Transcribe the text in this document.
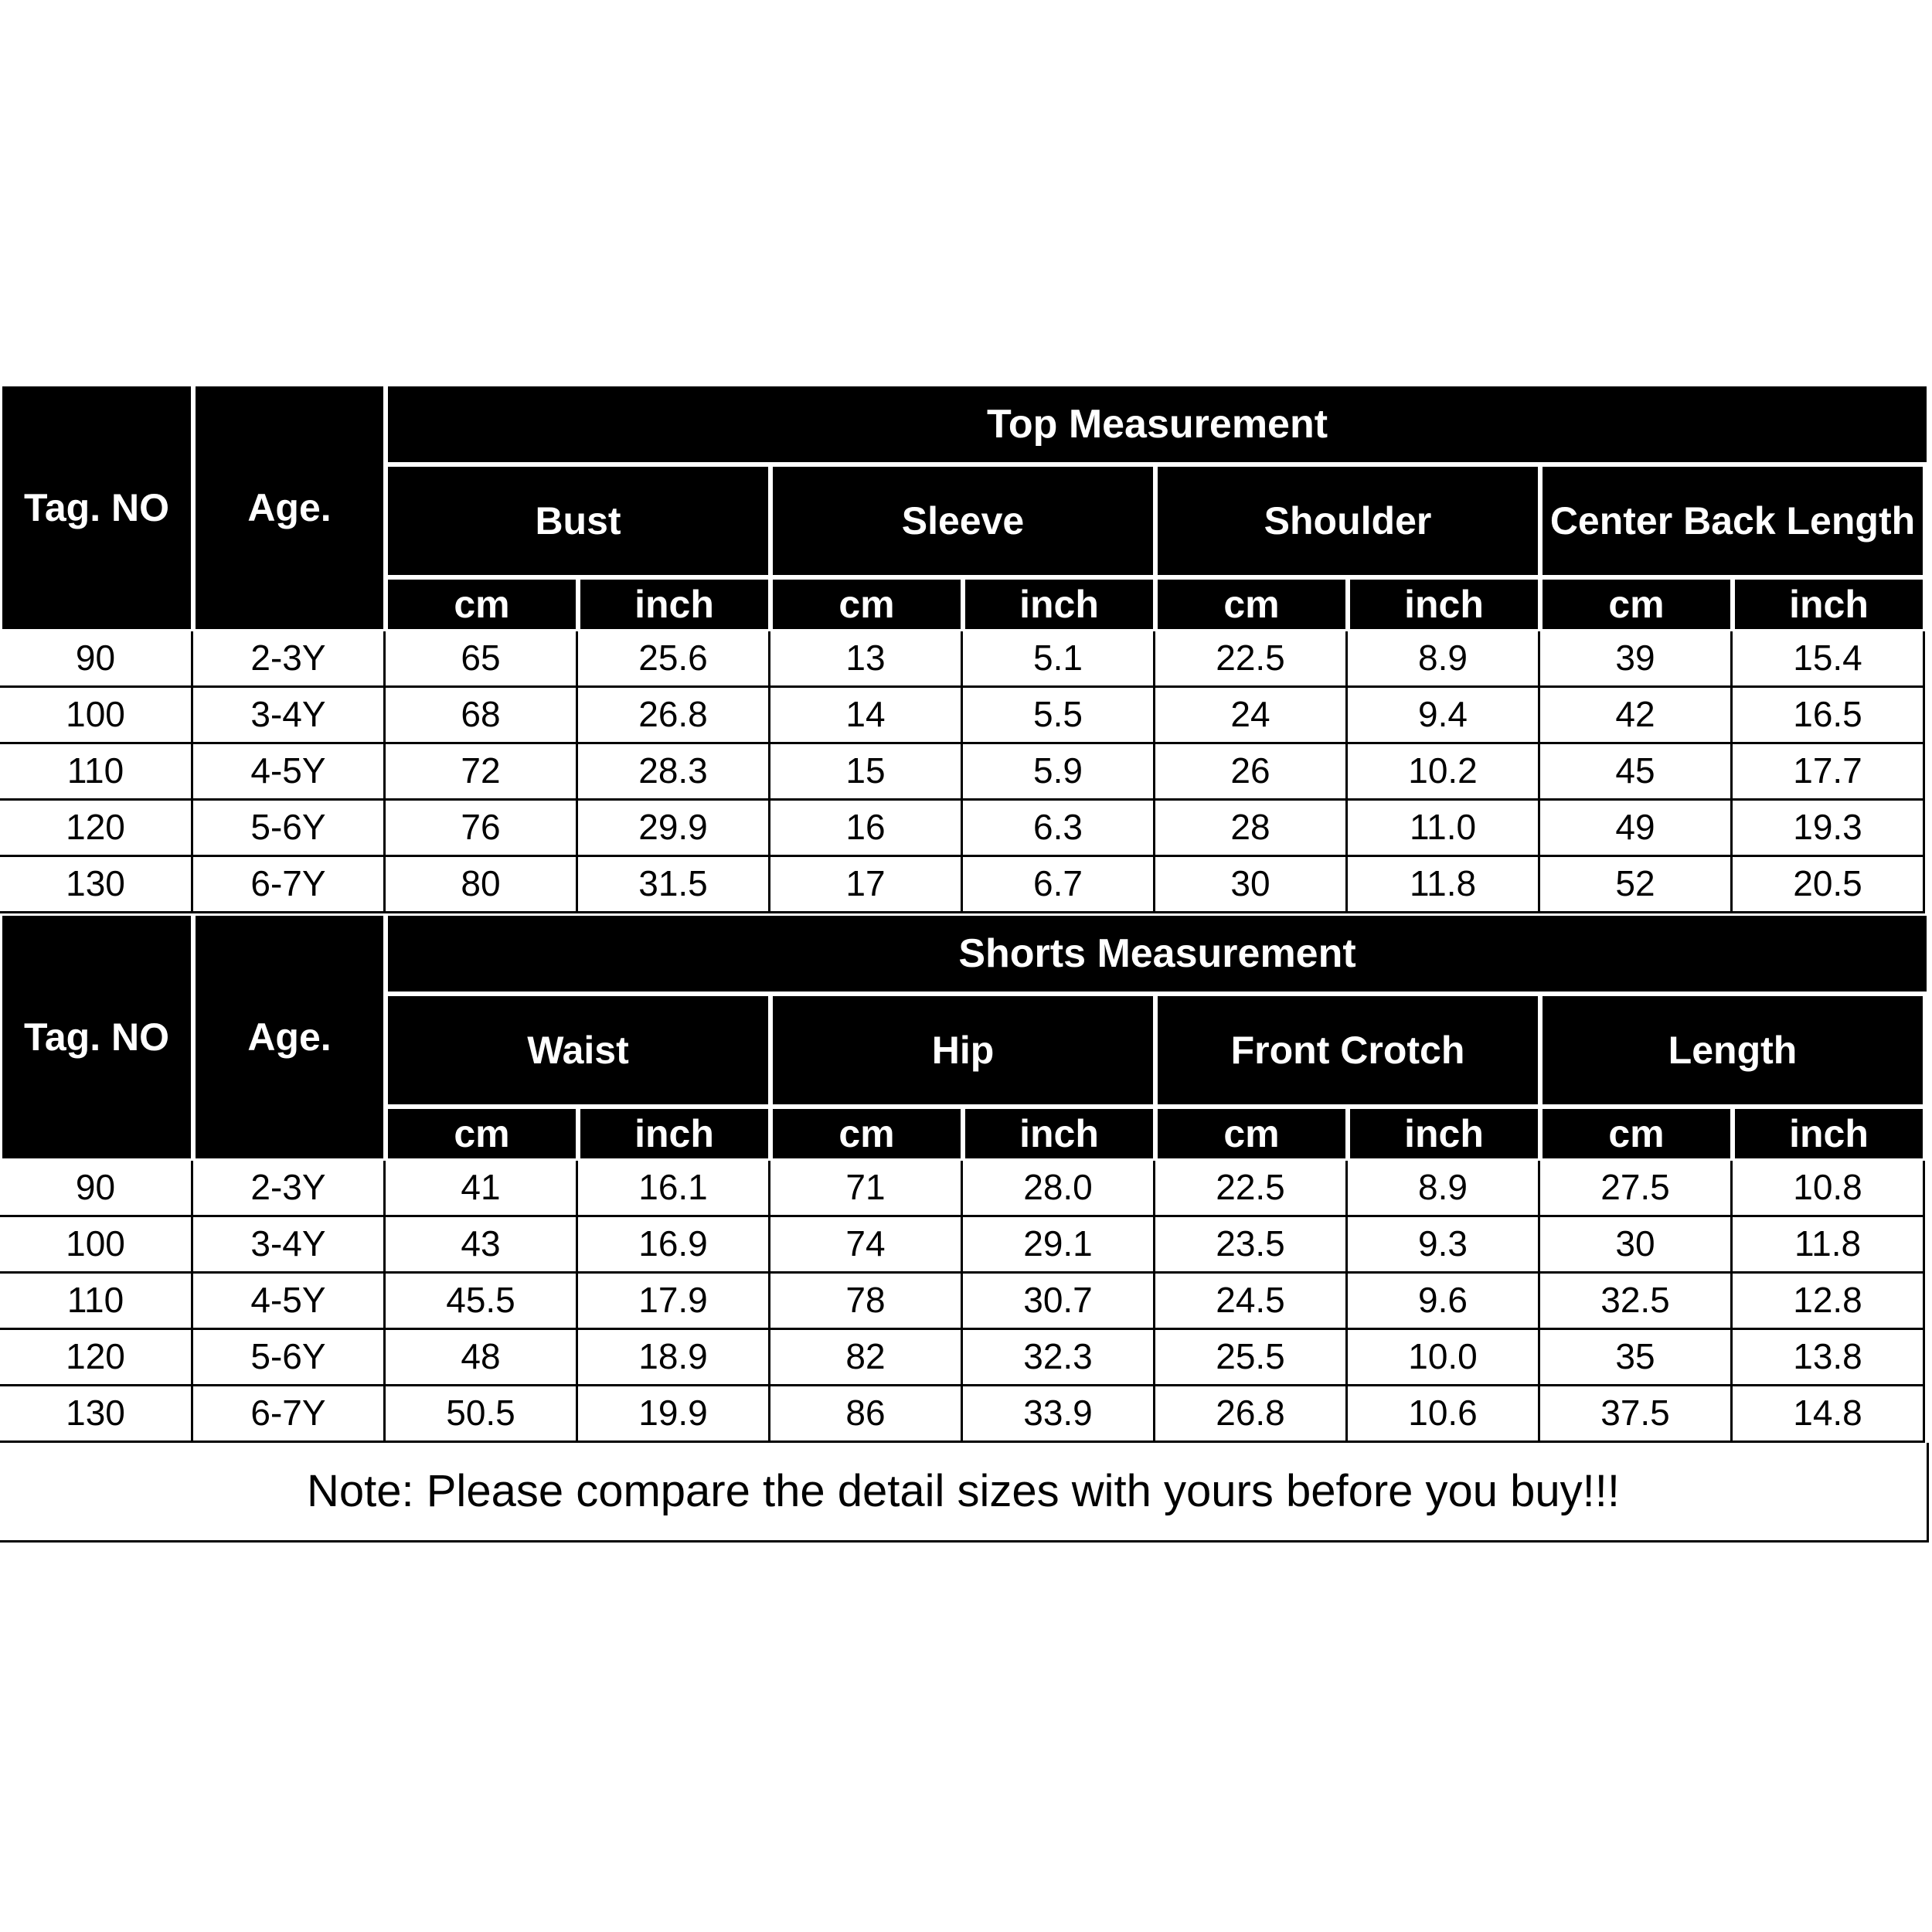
Tag. NO	Age.
Top Measurement
Bust
cm	inch
Sleeve
cm	inch
Shoulder
cm	inch
Center Back Length
cm	inch
90	2-3Y	65	25.6	13	5.1	22.5	8.9	39	15.4
100	3-4Y	68	26.8	14	5.5	24	9.4	42	16.5
110	4-5Y	72	28.3	15	5.9	26	10.2	45	17.7
120	5-6Y	76	29.9	16	6.3	28	11.0	49	19.3
130	6-7Y	80	31.5	17	6.7	30	11.8	52	20.5
Tag. NO	Age.
Shorts Measurement
Waist
cm	inch
Hip
cm	inch
Front Crotch
cm	inch
Length
cm	inch
90	2-3Y	41	16.1	71	28.0	22.5	8.9	27.5	10.8
100	3-4Y	43	16.9	74	29.1	23.5	9.3	30	11.8
110	4-5Y	45.5	17.9	78	30.7	24.5	9.6	32.5	12.8
120	5-6Y	48	18.9	82	32.3	25.5	10.0	35	13.8
130	6-7Y	50.5	19.9	86	33.9	26.8	10.6	37.5	14.8
Note: Please compare the detail sizes with yours before you buy!!!
